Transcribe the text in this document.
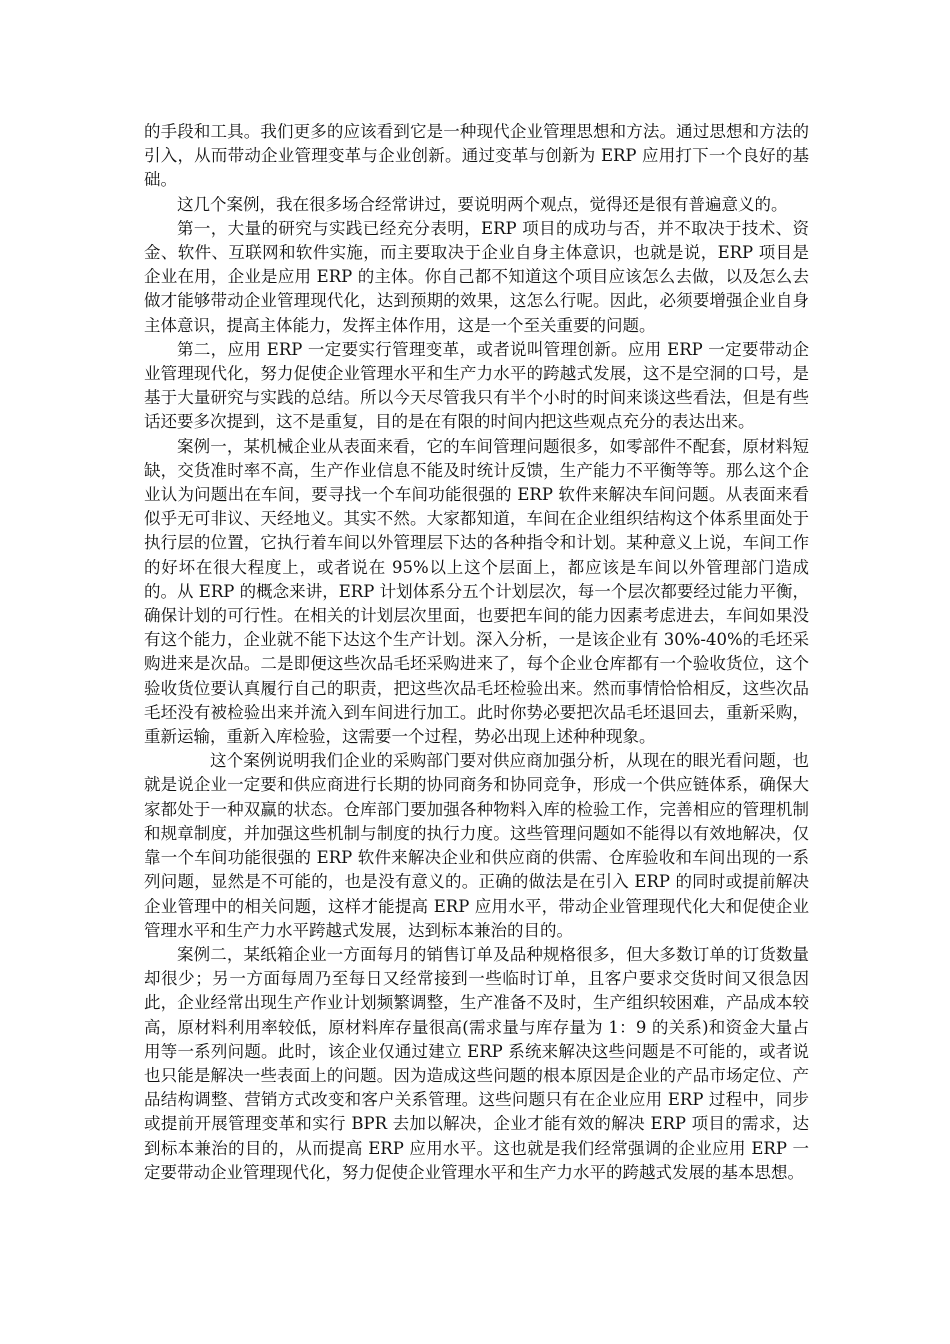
的手段和工具。我们更多的应该看到它是一种现代企业管理思想和方法。通过思想和方法的引入，从而带动企业管理变革与企业创新。通过变革与创新为 ERP 应用打下一个良好的基础。

这几个案例，我在很多场合经常讲过，要说明两个观点，觉得还是很有普遍意义的。

第一，大量的研究与实践已经充分表明，ERP 项目的成功与否，并不取决于技术、资金、软件、互联网和软件实施，而主要取决于企业自身主体意识，也就是说，ERP 项目是企业在用，企业是应用 ERP 的主体。你自己都不知道这个项目应该怎么去做，以及怎么去做才能够带动企业管理现代化，达到预期的效果，这怎么行呢。因此，必须要增强企业自身主体意识，提高主体能力，发挥主体作用，这是一个至关重要的问题。

第二，应用 ERP 一定要实行管理变革，或者说叫管理创新。应用 ERP 一定要带动企业管理现代化，努力促使企业管理水平和生产力水平的跨越式发展，这不是空洞的口号，是基于大量研究与实践的总结。所以今天尽管我只有半个小时的时间来谈这些看法，但是有些话还要多次提到，这不是重复，目的是在有限的时间内把这些观点充分的表达出来。

案例一，某机械企业从表面来看，它的车间管理问题很多，如零部件不配套，原材料短缺，交货准时率不高，生产作业信息不能及时统计反馈，生产能力不平衡等等。那么这个企业认为问题出在车间，要寻找一个车间功能很强的 ERP 软件来解决车间问题。从表面来看似乎无可非议、天经地义。其实不然。大家都知道，车间在企业组织结构这个体系里面处于执行层的位置，它执行着车间以外管理层下达的各种指令和计划。某种意义上说，车间工作的好坏在很大程度上，或者说在 95%以上这个层面上，都应该是车间以外管理部门造成的。从 ERP 的概念来讲，ERP 计划体系分五个计划层次，每一个层次都要经过能力平衡，确保计划的可行性。在相关的计划层次里面，也要把车间的能力因素考虑进去，车间如果没有这个能力，企业就不能下达这个生产计划。深入分析，一是该企业有 30%-40%的毛坯采购进来是次品。二是即便这些次品毛坯采购进来了，每个企业仓库都有一个验收货位，这个验收货位要认真履行自己的职责，把这些次品毛坯检验出来。然而事情恰恰相反，这些次品毛坯没有被检验出来并流入到车间进行加工。此时你势必要把次品毛坯退回去，重新采购，重新运输，重新入库检验，这需要一个过程，势必出现上述种种现象。

这个案例说明我们企业的采购部门要对供应商加强分析，从现在的眼光看问题，也就是说企业一定要和供应商进行长期的协同商务和协同竞争，形成一个供应链体系，确保大家都处于一种双赢的状态。仓库部门要加强各种物料入库的检验工作，完善相应的管理机制和规章制度，并加强这些机制与制度的执行力度。这些管理问题如不能得以有效地解决，仅靠一个车间功能很强的 ERP 软件来解决企业和供应商的供需、仓库验收和车间出现的一系列问题，显然是不可能的，也是没有意义的。正确的做法是在引入 ERP 的同时或提前解决企业管理中的相关问题，这样才能提高 ERP 应用水平，带动企业管理现代化大和促使企业管理水平和生产力水平跨越式发展，达到标本兼治的目的。

案例二，某纸箱企业一方面每月的销售订单及品种规格很多，但大多数订单的订货数量却很少；另一方面每周乃至每日又经常接到一些临时订单，且客户要求交货时间又很急因此，企业经常出现生产作业计划频繁调整，生产准备不及时，生产组织较困难，产品成本较高，原材料利用率较低，原材料库存量很高(需求量与库存量为 1：9 的关系)和资金大量占用等一系列问题。此时，该企业仅通过建立 ERP 系统来解决这些问题是不可能的，或者说也只能是解决一些表面上的问题。因为造成这些问题的根本原因是企业的产品市场定位、产品结构调整、营销方式改变和客户关系管理。这些问题只有在企业应用 ERP 过程中，同步或提前开展管理变革和实行 BPR 去加以解决，企业才能有效的解决 ERP 项目的需求，达到标本兼治的目的，从而提高 ERP 应用水平。这也就是我们经常强调的企业应用 ERP 一定要带动企业管理现代化，努力促使企业管理水平和生产力水平的跨越式发展的基本思想。
